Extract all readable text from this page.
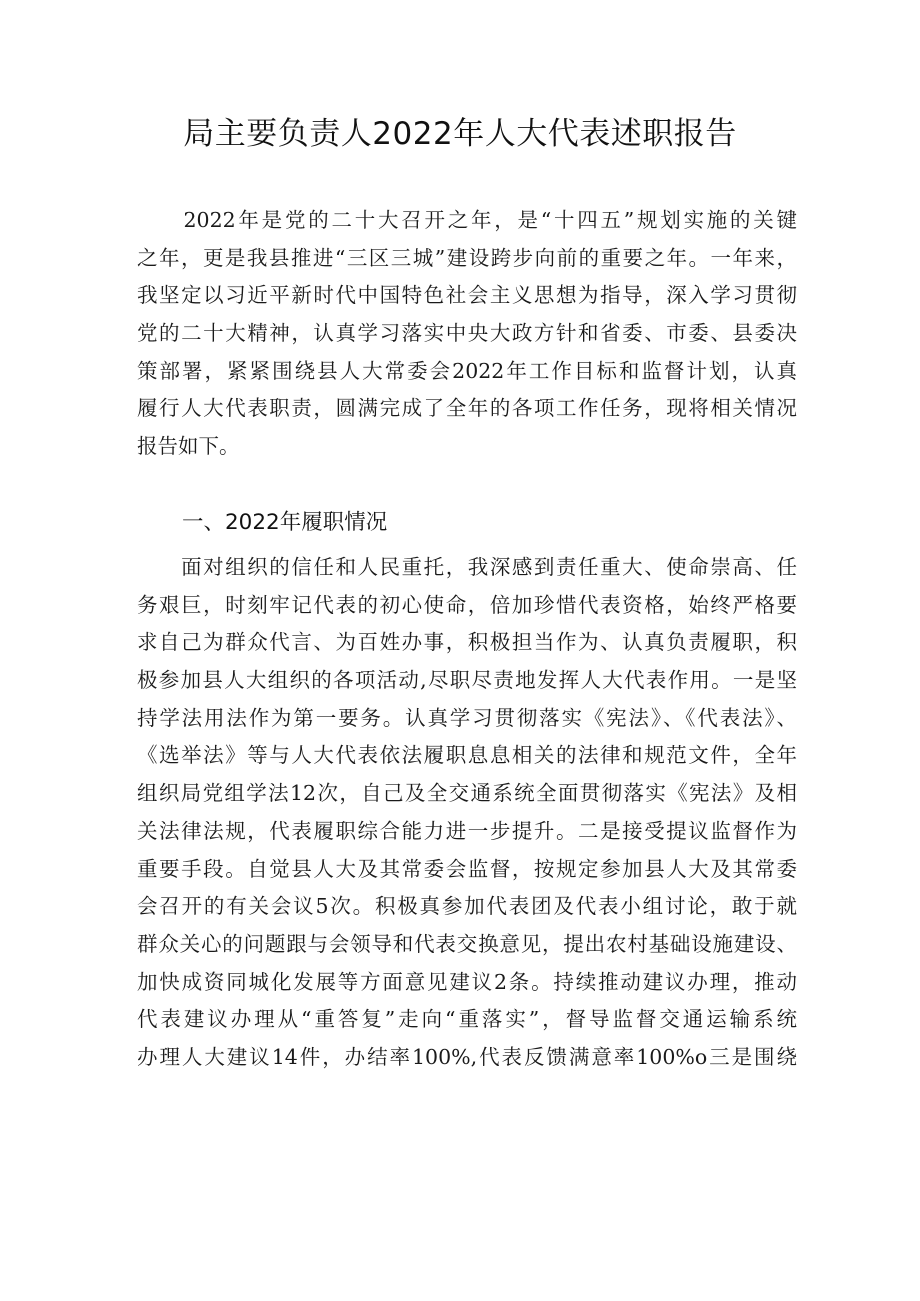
局主要负责人2022年人大代表述职报告
　　2022年是党的二十大召开之年，是“十四五”规划实施的关键
之年，更是我县推进“三区三城”建设跨步向前的重要之年。一年来，
我坚定以习近平新时代中国特色社会主义思想为指导，深入学习贯彻
党的二十大精神，认真学习落实中央大政方针和省委、市委、县委决
策部署，紧紧围绕县人大常委会2022年工作目标和监督计划，认真
履行人大代表职责，圆满完成了全年的各项工作任务，现将相关情况
报告如下。
一、2022年履职情况
　　面对组织的信任和人民重托，我深感到责任重大、使命崇高、任
务艰巨，时刻牢记代表的初心使命，倍加珍惜代表资格，始终严格要
求自己为群众代言、为百姓办事，积极担当作为、认真负责履职，积
极参加县人大组织的各项活动,尽职尽责地发挥人大代表作用。一是坚
持学法用法作为第一要务。认真学习贯彻落实《宪法》、《代表法》、
《选举法》等与人大代表依法履职息息相关的法律和规范文件，全年
组织局党组学法12次，自己及全交通系统全面贯彻落实《宪法》及相
关法律法规，代表履职综合能力进一步提升。二是接受提议监督作为
重要手段。自觉县人大及其常委会监督，按规定参加县人大及其常委
会召开的有关会议5次。积极真参加代表团及代表小组讨论，敢于就
群众关心的问题跟与会领导和代表交换意见，提出农村基础设施建设、
加快成资同城化发展等方面意见建议2条。持续推动建议办理，推动
代表建议办理从“重答复”走向“重落实”，督导监督交通运输系统
办理人大建议14件，办结率100%,代表反馈满意率100%o三是围绕
